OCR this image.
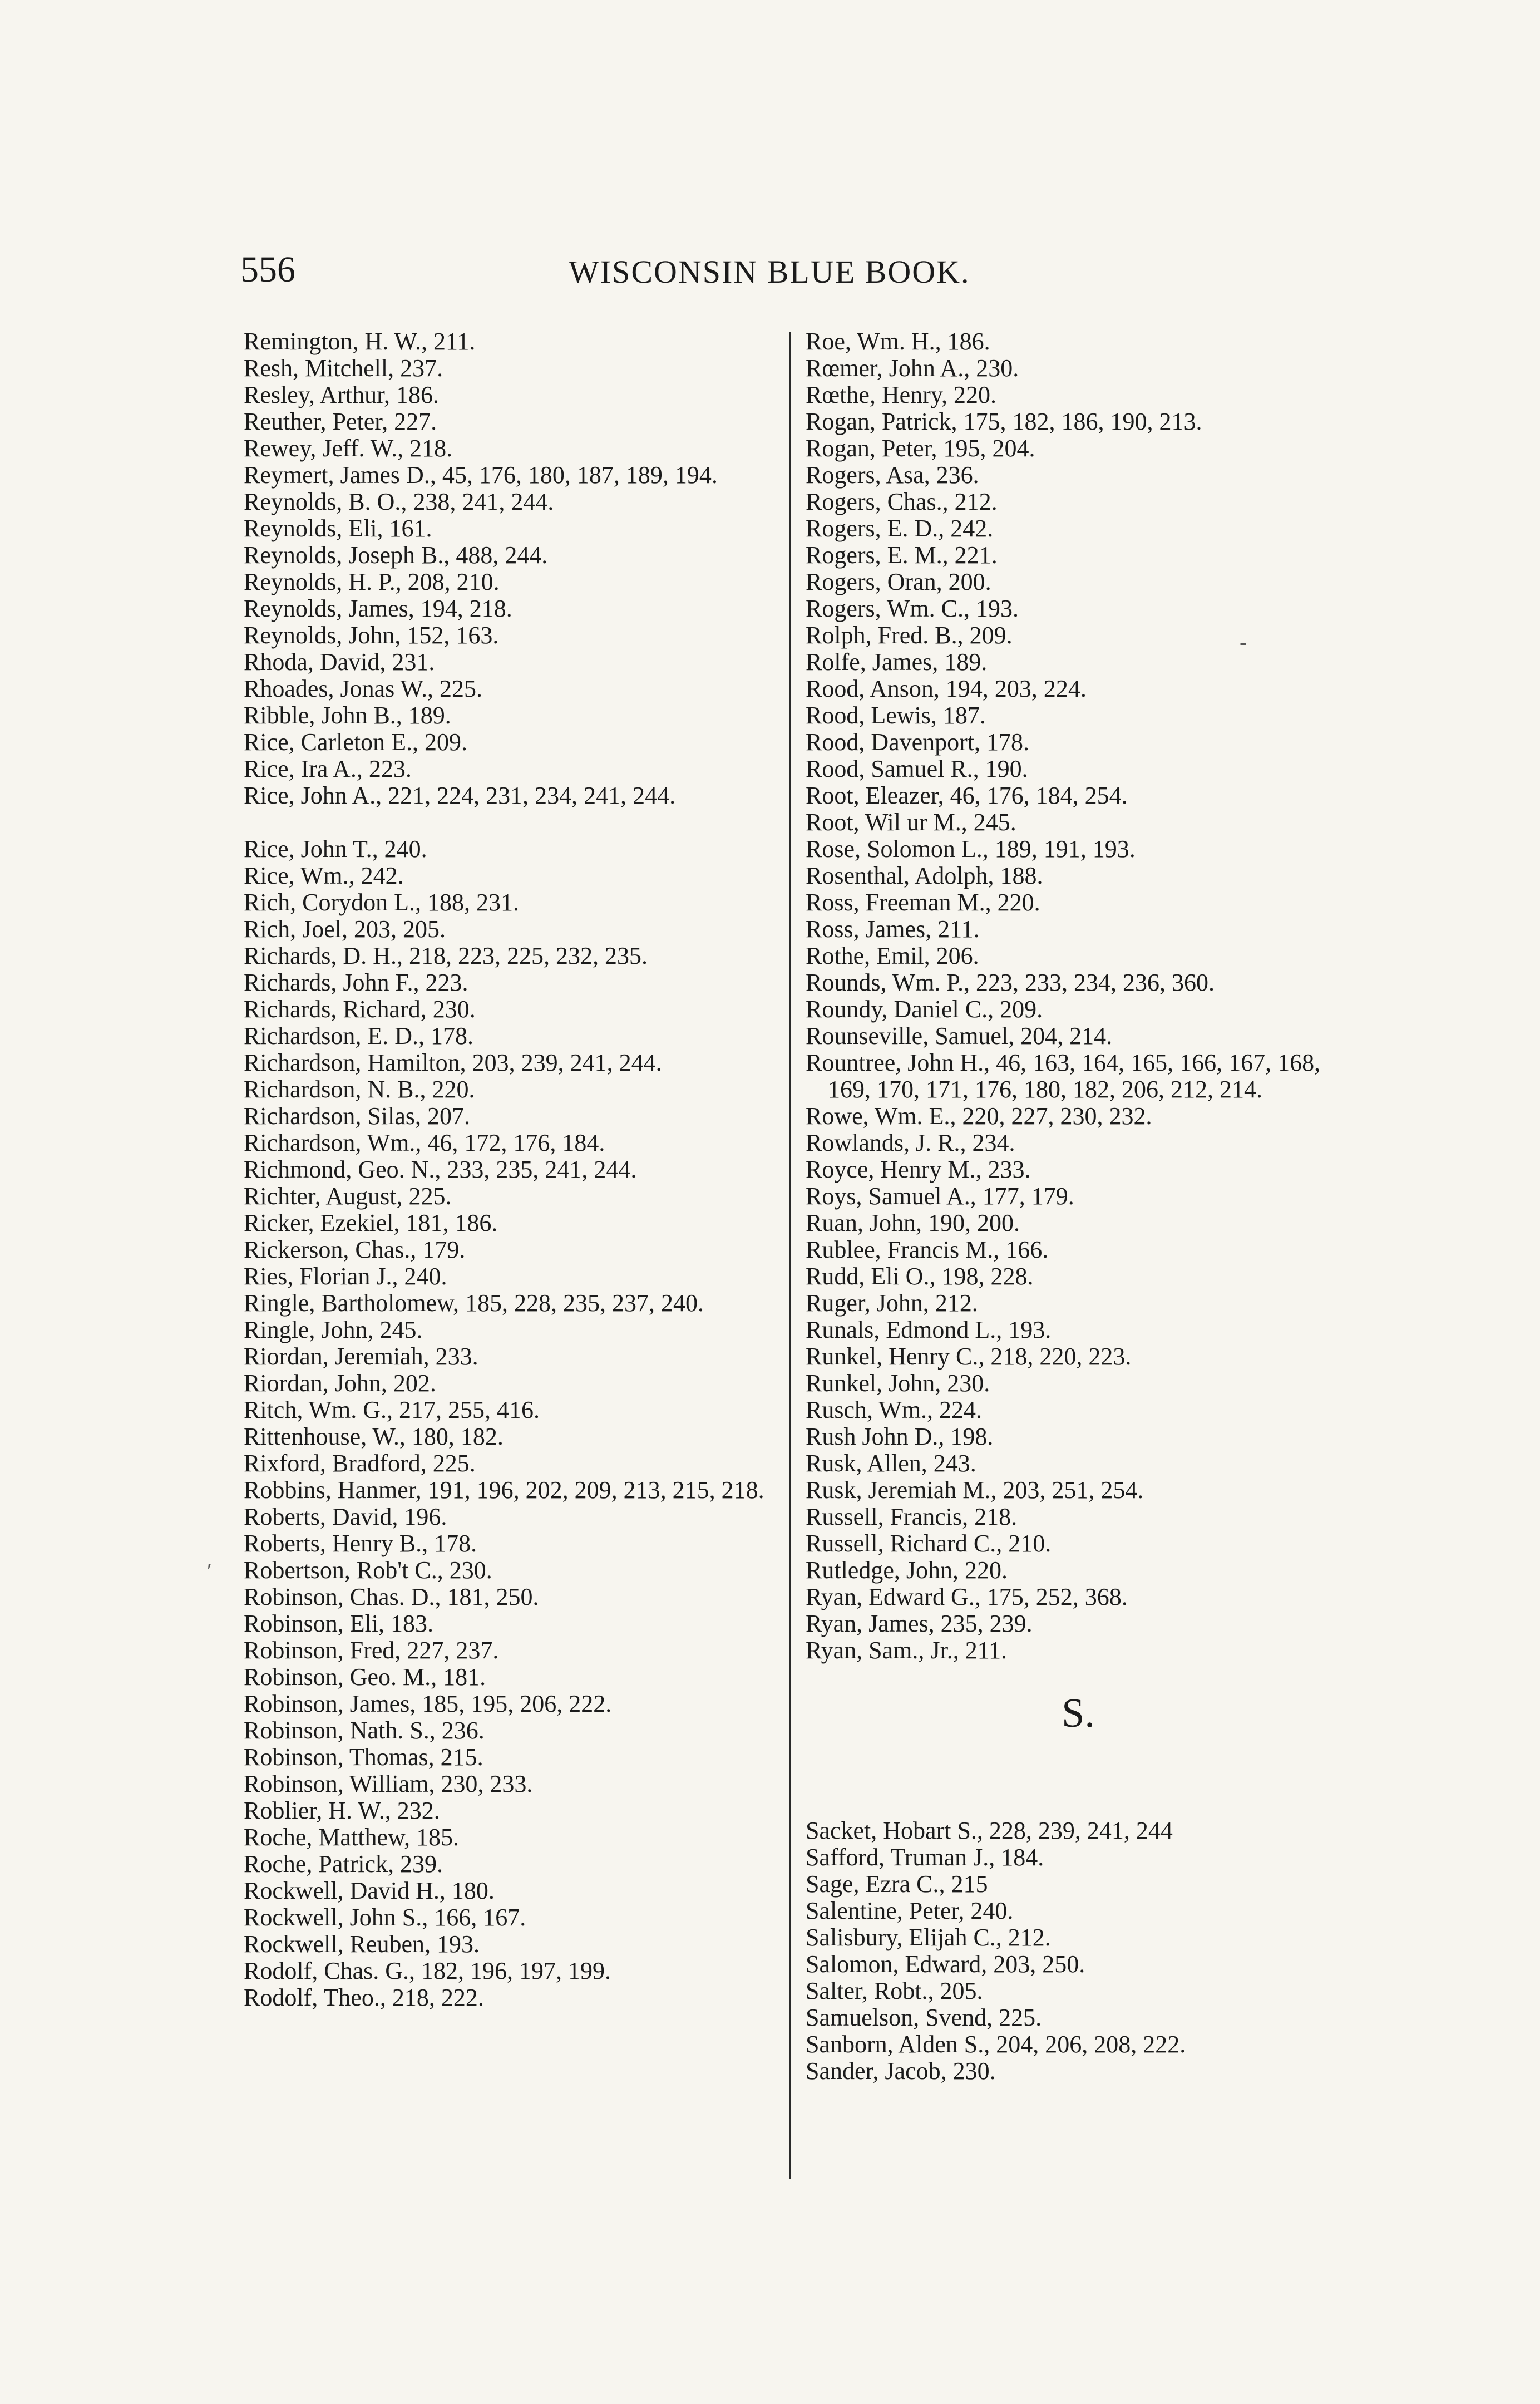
556	WISCONSIN BLUE BOOK.
Remington, H. W., 211.
Resh, Mitchell, 237.
Resley, Arthur, 186.
Reuther, Peter, 227.
Rewey, Jeff. W., 218.
Reymert, James D., 45, 176, 180, 187, 189, 194.
Reynolds, B. O., 238, 241, 244.
Reynolds, Eli, 161.
Reynolds, Joseph B., 488, 244.
Reynolds, H. P., 208, 210.
Reynolds, James, 194, 218.
Reynolds, John, 152, 163.
Rhoda, David, 231.
Rhoades, Jonas W., 225.
Ribble, John B., 189.
Rice, Carleton E., 209.
Rice, Ira A., 223.
Rice, John A., 221, 224, 231, 234, 241, 244.
Rice, John T., 240.
Rice, Wm., 242.
Rich, Corydon L., 188, 231.
Rich, Joel, 203, 205.
Richards, D. H., 218, 223, 225, 232, 235.
Richards, John F., 223.
Richards, Richard, 230.
Richardson, E. D., 178.
Richardson, Hamilton, 203, 239, 241, 244.
Richardson, N. B., 220.
Richardson, Silas, 207.
Richardson, Wm., 46, 172, 176, 184.
Richmond, Geo. N., 233, 235, 241, 244.
Richter, August, 225.
Ricker, Ezekiel, 181, 186.
Rickerson, Chas., 179.
Ries, Florian J., 240.
Ringle, Bartholomew, 185, 228, 235, 237, 240.
Ringle, John, 245.
Riordan, Jeremiah, 233.
Riordan, John, 202.
Ritch, Wm. G., 217, 255, 416.
Rittenhouse, W., 180, 182.
Rixford, Bradford, 225.
Robbins, Hanmer, 191, 196, 202, 209, 213, 215, 218.
Roberts, David, 196.
Roberts, Henry B., 178.
Robertson, Rob't C., 230.
Robinson, Chas. D., 181, 250.
Robinson, Eli, 183.
Robinson, Fred, 227, 237.
Robinson, Geo. M., 181.
Robinson, James, 185, 195, 206, 222.
Robinson, Nath. S., 236.
Robinson, Thomas, 215.
Robinson, William, 230, 233.
Roblier, H. W., 232.
Roche, Matthew, 185.
Roche, Patrick, 239.
Rockwell, David H., 180.
Rockwell, John S., 166, 167.
Rockwell, Reuben, 193.
Rodolf, Chas. G., 182, 196, 197, 199.
Rodolf, Theo., 218, 222.
Roe, Wm. H., 186.
Rœmer, John A., 230.
Rœthe, Henry, 220.
Rogan, Patrick, 175, 182, 186, 190, 213.
Rogan, Peter, 195, 204.
Rogers, Asa, 236.
Rogers, Chas., 212.
Rogers, E. D., 242.
Rogers, E. M., 221.
Rogers, Oran, 200.
Rogers, Wm. C., 193.
Rolph, Fred. B., 209.
Rolfe, James, 189.
Rood, Anson, 194, 203, 224.
Rood, Lewis, 187.
Rood, Davenport, 178.
Rood, Samuel R., 190.
Root, Eleazer, 46, 176, 184, 254.
Root, Wil ur M., 245.
Rose, Solomon L., 189, 191, 193.
Rosenthal, Adolph, 188.
Ross, Freeman M., 220.
Ross, James, 211.
Rothe, Emil, 206.
Rounds, Wm. P., 223, 233, 234, 236, 360.
Roundy, Daniel C., 209.
Rounseville, Samuel, 204, 214.
Rountree, John H., 46, 163, 164, 165, 166, 167, 168, 169, 170, 171, 176, 180, 182, 206, 212, 214.
Rowe, Wm. E., 220, 227, 230, 232.
Rowlands, J. R., 234.
Royce, Henry M., 233.
Roys, Samuel A., 177, 179.
Ruan, John, 190, 200.
Rublee, Francis M., 166.
Rudd, Eli O., 198, 228.
Ruger, John, 212.
Runals, Edmond L., 193.
Runkel, Henry C., 218, 220, 223.
Runkel, John, 230.
Rusch, Wm., 224.
Rush John D., 198.
Rusk, Allen, 243.
Rusk, Jeremiah M., 203, 251, 254.
Russell, Francis, 218.
Russell, Richard C., 210.
Rutledge, John, 220.
Ryan, Edward G., 175, 252, 368.
Ryan, James, 235, 239.
Ryan, Sam., Jr., 211.
S.
Sacket, Hobart S., 228, 239, 241, 244
Safford, Truman J., 184.
Sage, Ezra C., 215
Salentine, Peter, 240.
Salisbury, Elijah C., 212.
Salomon, Edward, 203, 250.
Salter, Robt., 205.
Samuelson, Svend, 225.
Sanborn, Alden S., 204, 206, 208, 222.
Sander, Jacob, 230.
′
-
